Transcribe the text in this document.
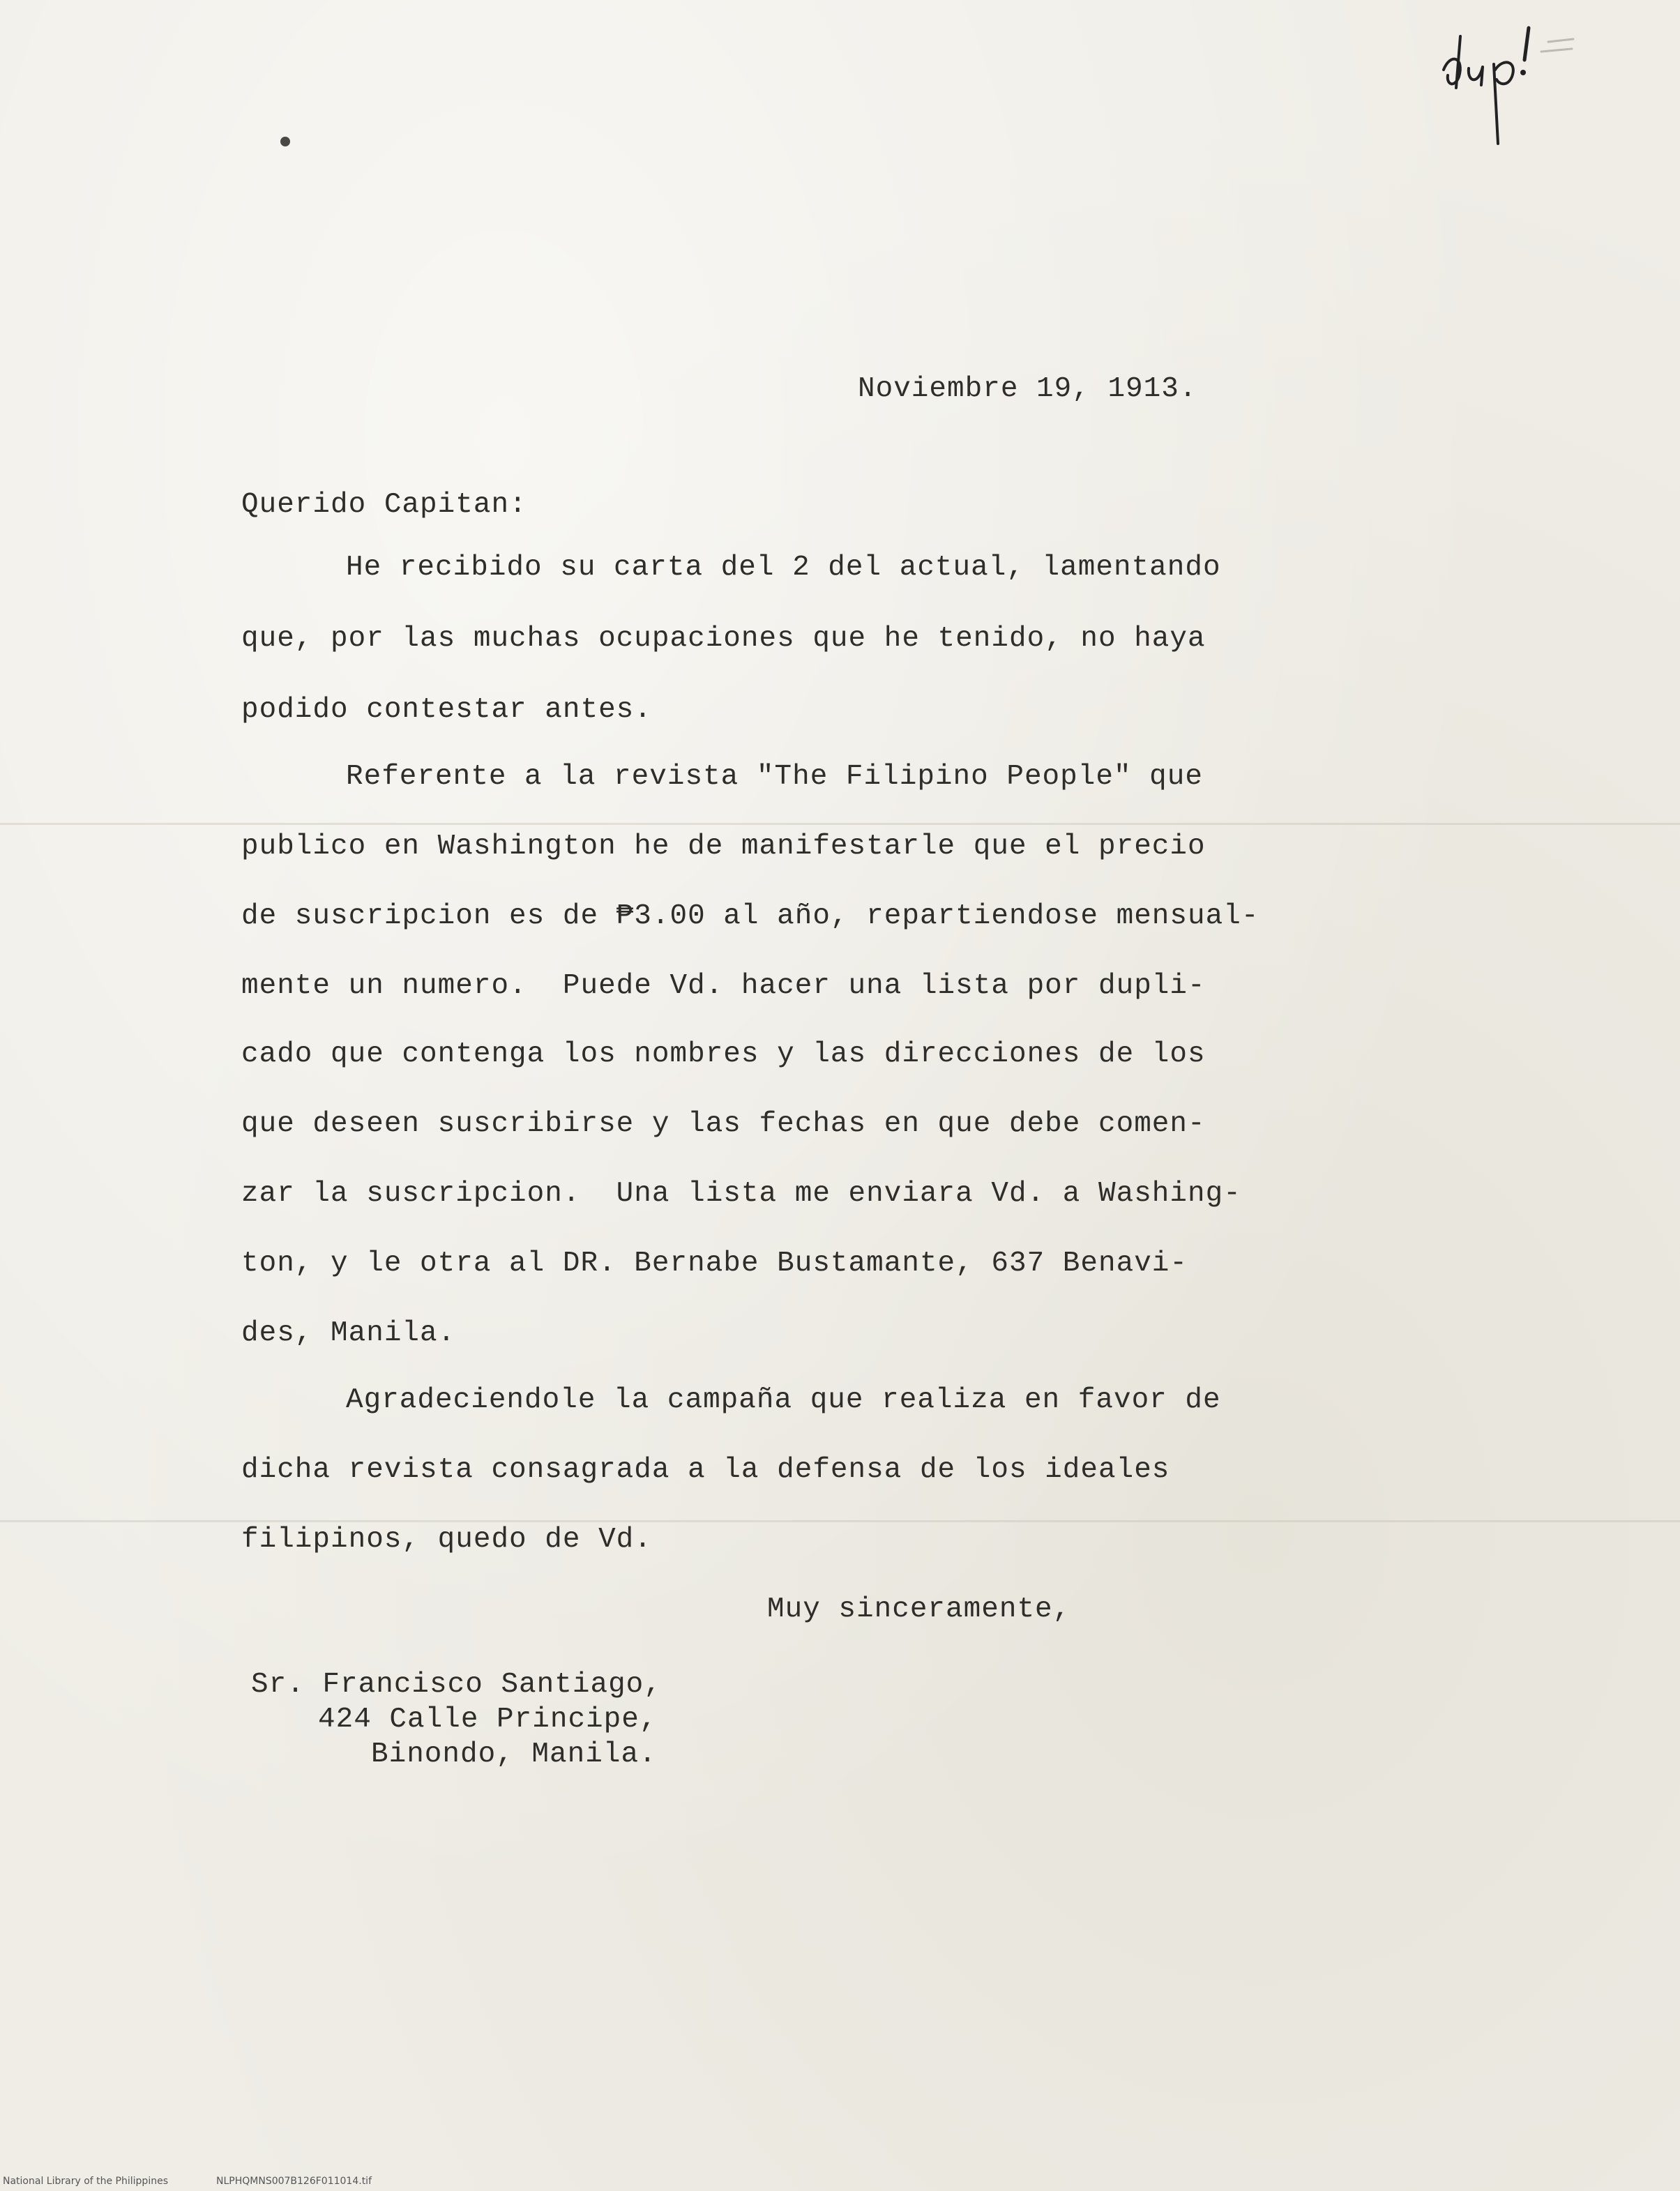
Noviembre 19, 1913.

Querido Capitan:

He recibido su carta del 2 del actual, lamentando

que, por las muchas ocupaciones que he tenido, no haya

podido contestar antes.

Referente a la revista "The Filipino People" que

publico en Washington he de manifestarle que el precio

de suscripcion es de ₱3.00 al año, repartiendose mensual-

mente un numero.  Puede Vd. hacer una lista por dupli-

cado que contenga los nombres y las direcciones de los

que deseen suscribirse y las fechas en que debe comen-

zar la suscripcion.  Una lista me enviara Vd. a Washing-

ton, y le otra al DR. Bernabe Bustamante, 637 Benavi-

des, Manila.

Agradeciendole la campaña que realiza en favor de

dicha revista consagrada a la defensa de los ideales

filipinos, quedo de Vd.

Muy sinceramente,

Sr. Francisco Santiago,

424 Calle Principe,

Binondo, Manila.

National Library of the Philippines	NLPHQMNS007B126F011014.tif
